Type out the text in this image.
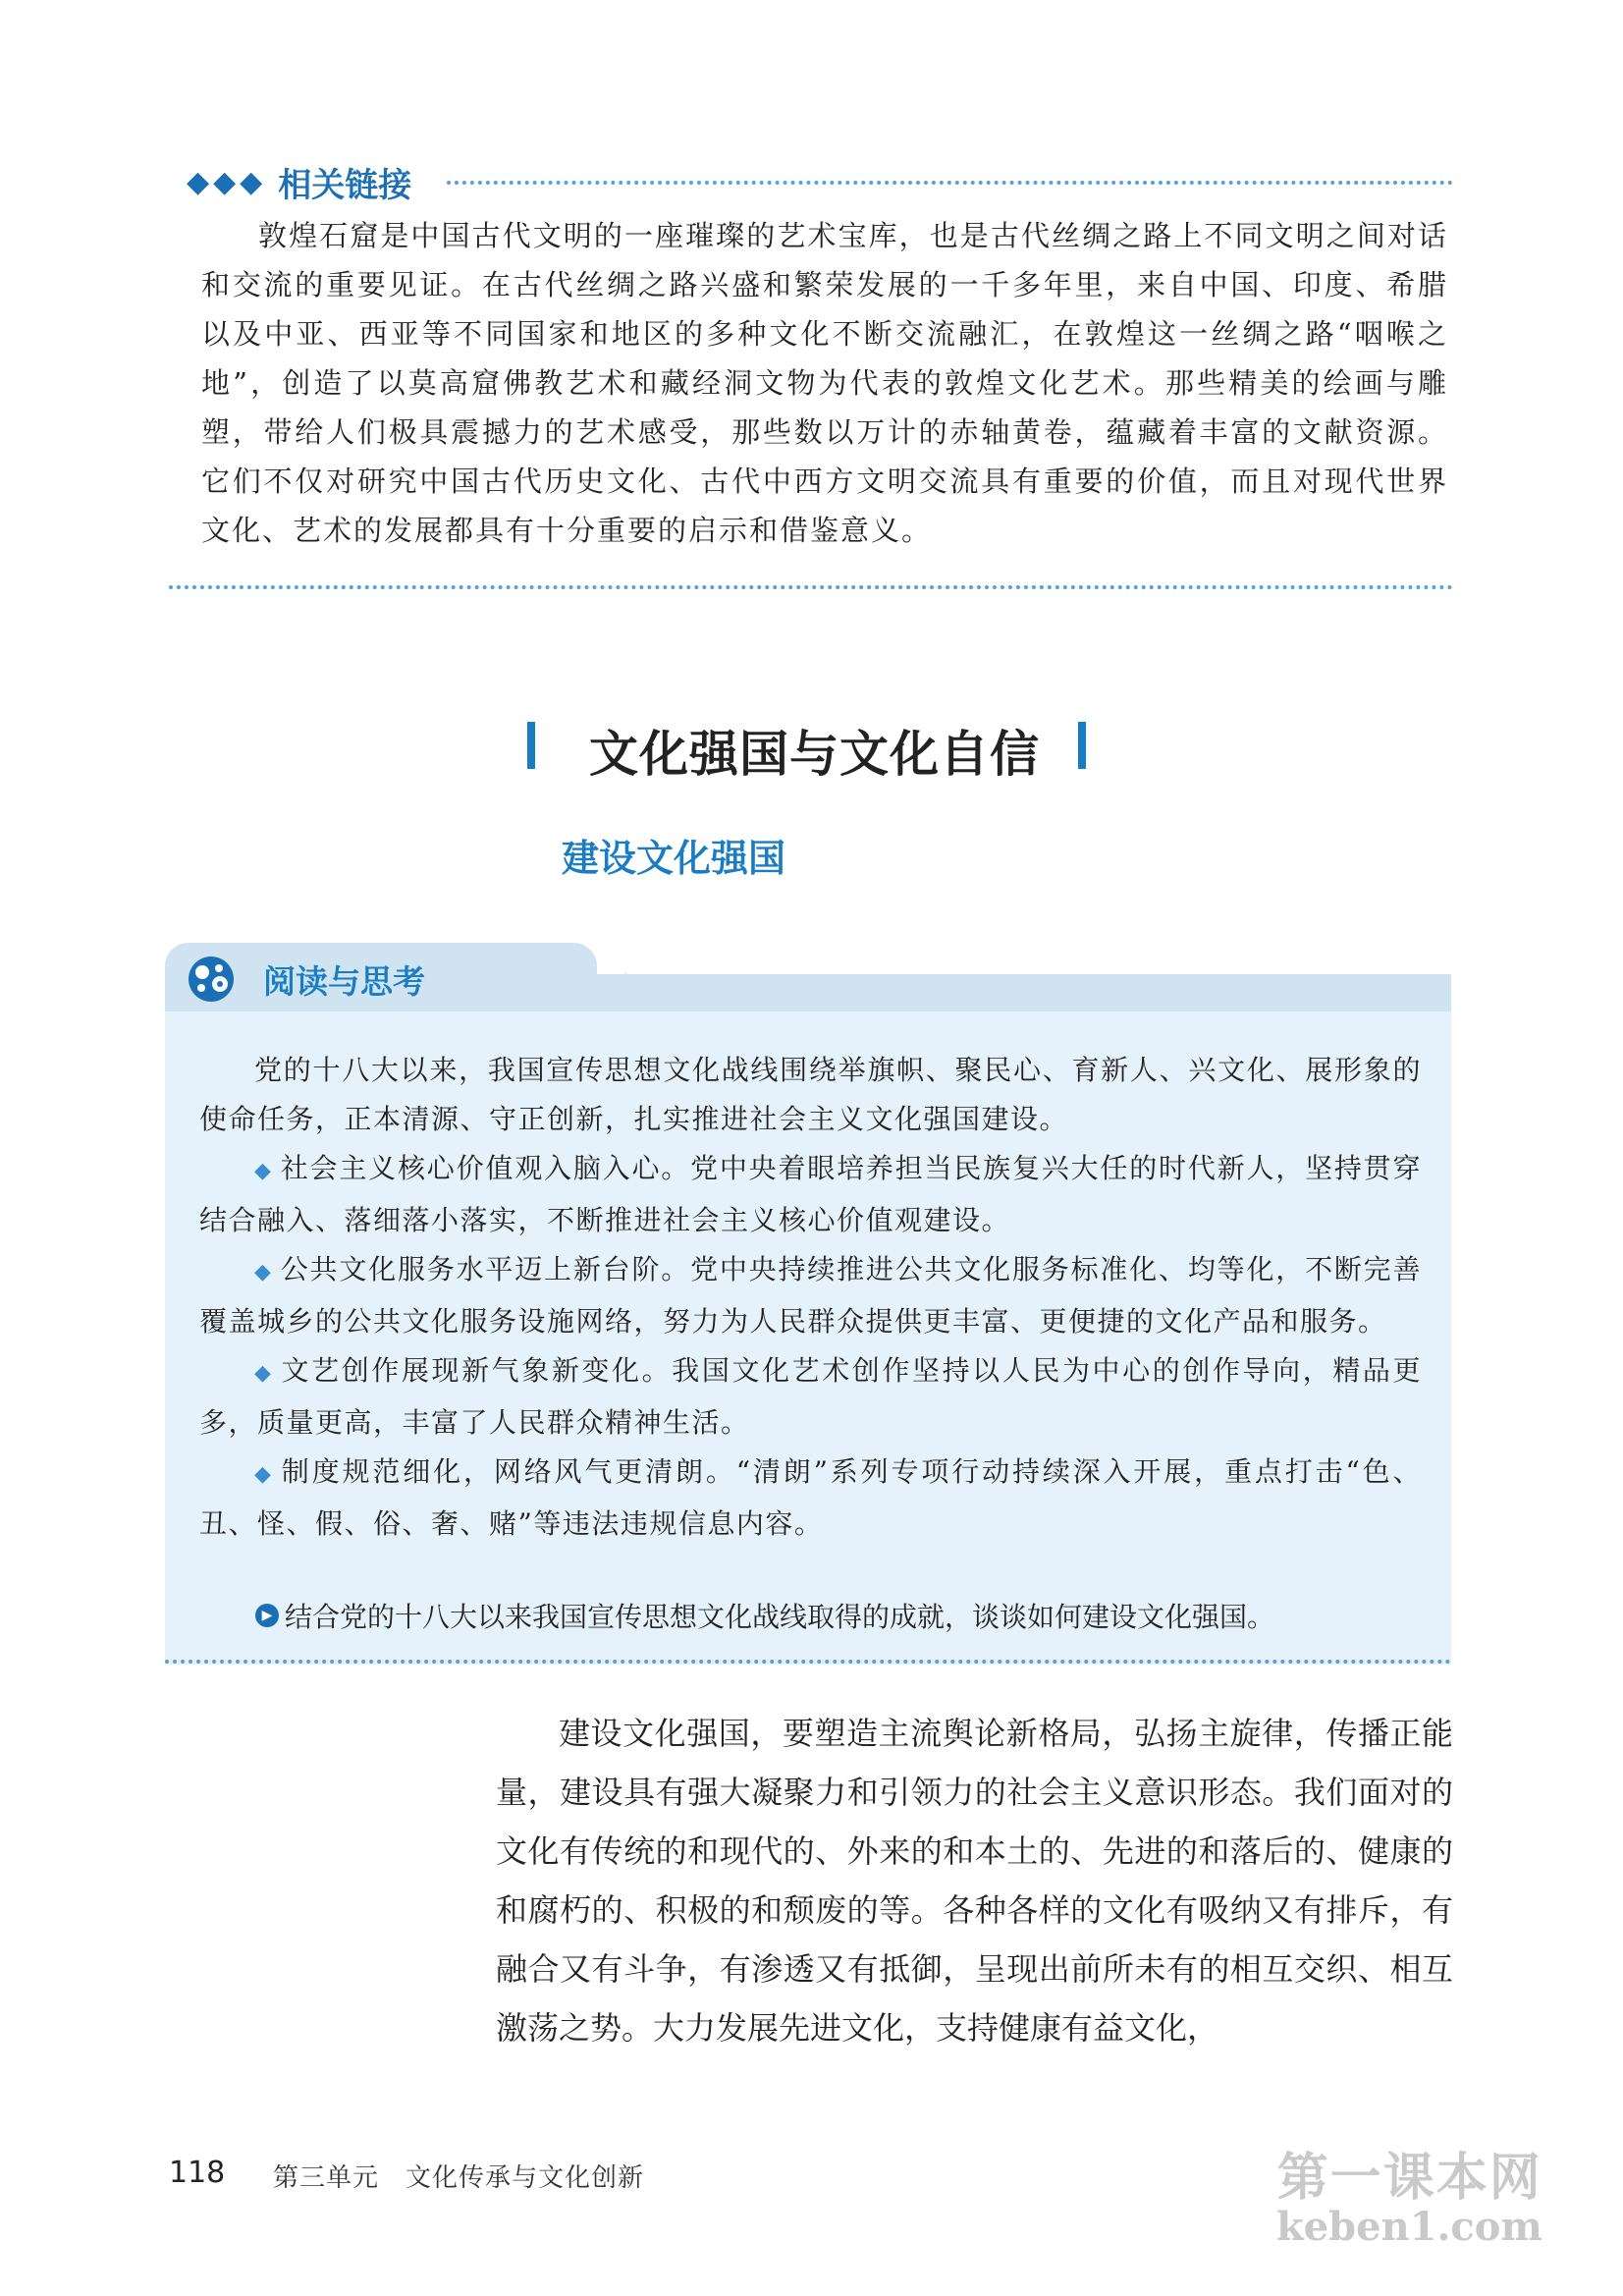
◆◆◆ 相关链接

敦煌石窟是中国古代文明的一座璀璨的艺术宝库，也是古代丝绸之路上不同文明之间对话和交流的重要见证。在古代丝绸之路兴盛和繁荣发展的一千多年里，来自中国、印度、希腊以及中亚、西亚等不同国家和地区的多种文化不断交流融汇，在敦煌这一丝绸之路“咽喉之地”，创造了以莫高窟佛教艺术和藏经洞文物为代表的敦煌文化艺术。那些精美的绘画与雕塑，带给人们极具震撼力的艺术感受，那些数以万计的赤轴黄卷，蕴藏着丰富的文献资源。它们不仅对研究中国古代历史文化、古代中西方文明交流具有重要的价值，而且对现代世界文化、艺术的发展都具有十分重要的启示和借鉴意义。

文化强国与文化自信
建设文化强国
阅读与思考

党的十八大以来，我国宣传思想文化战线围绕举旗帜、聚民心、育新人、兴文化、展形象的使命任务，正本清源、守正创新，扎实推进社会主义文化强国建设。

◆ 社会主义核心价值观入脑入心。党中央着眼培养担当民族复兴大任的时代新人，坚持贯穿结合融入、落细落小落实，不断推进社会主义核心价值观建设。

◆ 公共文化服务水平迈上新台阶。党中央持续推进公共文化服务标准化、均等化，不断完善覆盖城乡的公共文化服务设施网络，努力为人民群众提供更丰富、更便捷的文化产品和服务。

◆ 文艺创作展现新气象新变化。我国文化艺术创作坚持以人民为中心的创作导向，精品更多，质量更高，丰富了人民群众精神生活。

◆ 制度规范细化，网络风气更清朗。“清朗”系列专项行动持续深入开展，重点打击“色、丑、怪、假、俗、奢、赌”等违法违规信息内容。

▶ 结合党的十八大以来我国宣传思想文化战线取得的成就，谈谈如何建设文化强国。

建设文化强国，要塑造主流舆论新格局，弘扬主旋律，传播正能量，建设具有强大凝聚力和引领力的社会主义意识形态。我们面对的文化有传统的和现代的、外来的和本土的、先进的和落后的、健康的和腐朽的、积极的和颓废的等。各种各样的文化有吸纳又有排斥，有融合又有斗争，有渗透又有抵御，呈现出前所未有的相互交织、相互激荡之势。大力发展先进文化，支持健康有益文化，

118 第三单元　文化传承与文化创新	第一课本网
keben1.com
